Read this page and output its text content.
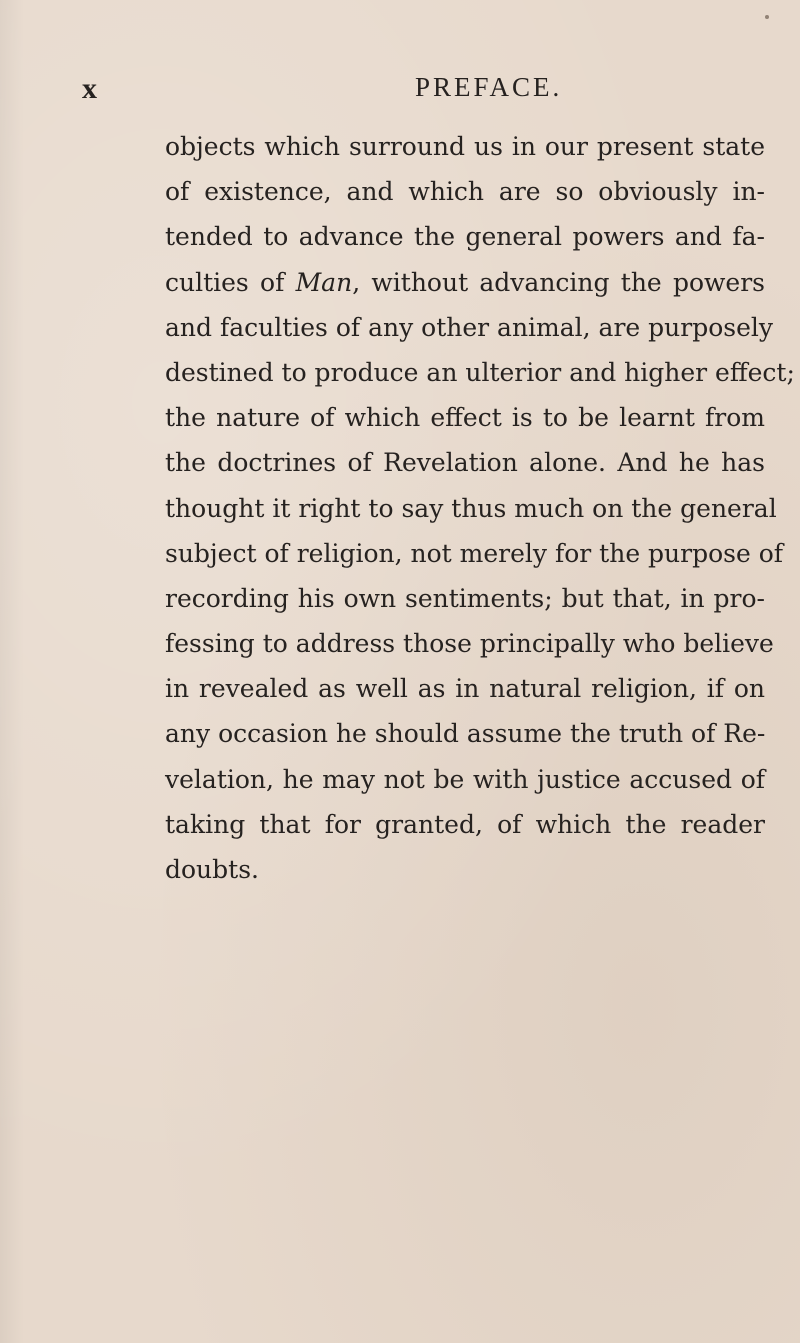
x	PREFACE.
objects which surround us in our present state
of existence, and which are so obviously in-
tended to advance the general powers and fa-
culties of Man, without advancing the powers
and faculties of any other animal, are purposely
destined to produce an ulterior and higher effect;
the nature of which effect is to be learnt from
the doctrines of Revelation alone. And he has
thought it right to say thus much on the general
subject of religion, not merely for the purpose of
recording his own sentiments; but that, in pro-
fessing to address those principally who believe
in revealed as well as in natural religion, if on
any occasion he should assume the truth of Re-
velation, he may not be with justice accused of
taking that for granted, of which the reader
doubts.
